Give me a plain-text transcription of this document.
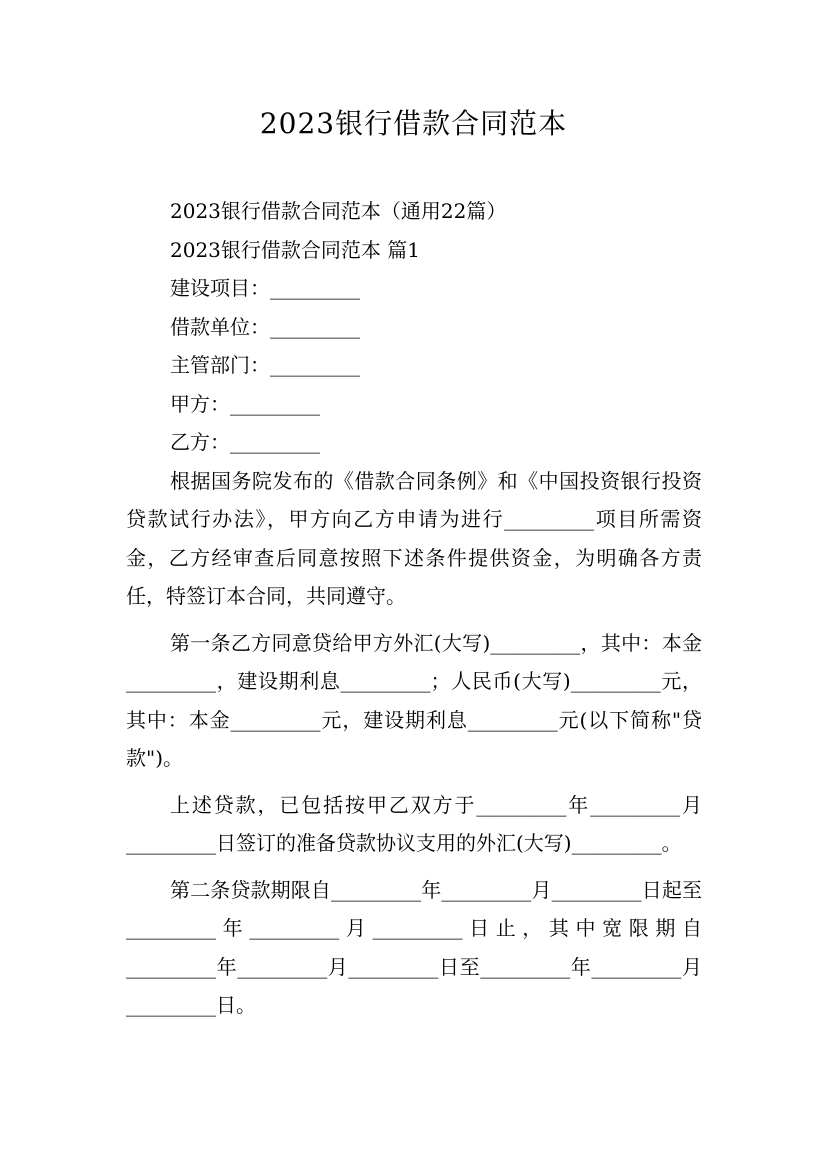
2023银行借款合同范本

2023银行借款合同范本（通用22篇）

2023银行借款合同范本 篇1

建设项目：_________

借款单位：_________

主管部门：_________

甲方：_________

乙方：_________

根据国务院发布的《借款合同条例》和《中国投资银行投资贷款试行办法》，甲方向乙方申请为进行_________项目所需资金，乙方经审查后同意按照下述条件提供资金，为明确各方责任，特签订本合同，共同遵守。

第一条乙方同意贷给甲方外汇(大写)_________，其中：本金_________，建设期利息_________；人民币(大写)_________元，其中：本金_________元，建设期利息_________元(以下简称"贷款")。

上述贷款，已包括按甲乙双方于_________年_________月_________日签订的准备贷款协议支用的外汇(大写)_________。

第二条贷款期限自_________年_________月_________日起至_________年_________月_________日止，其中宽限期自_________年_________月_________日至_________年_________月_________日。
